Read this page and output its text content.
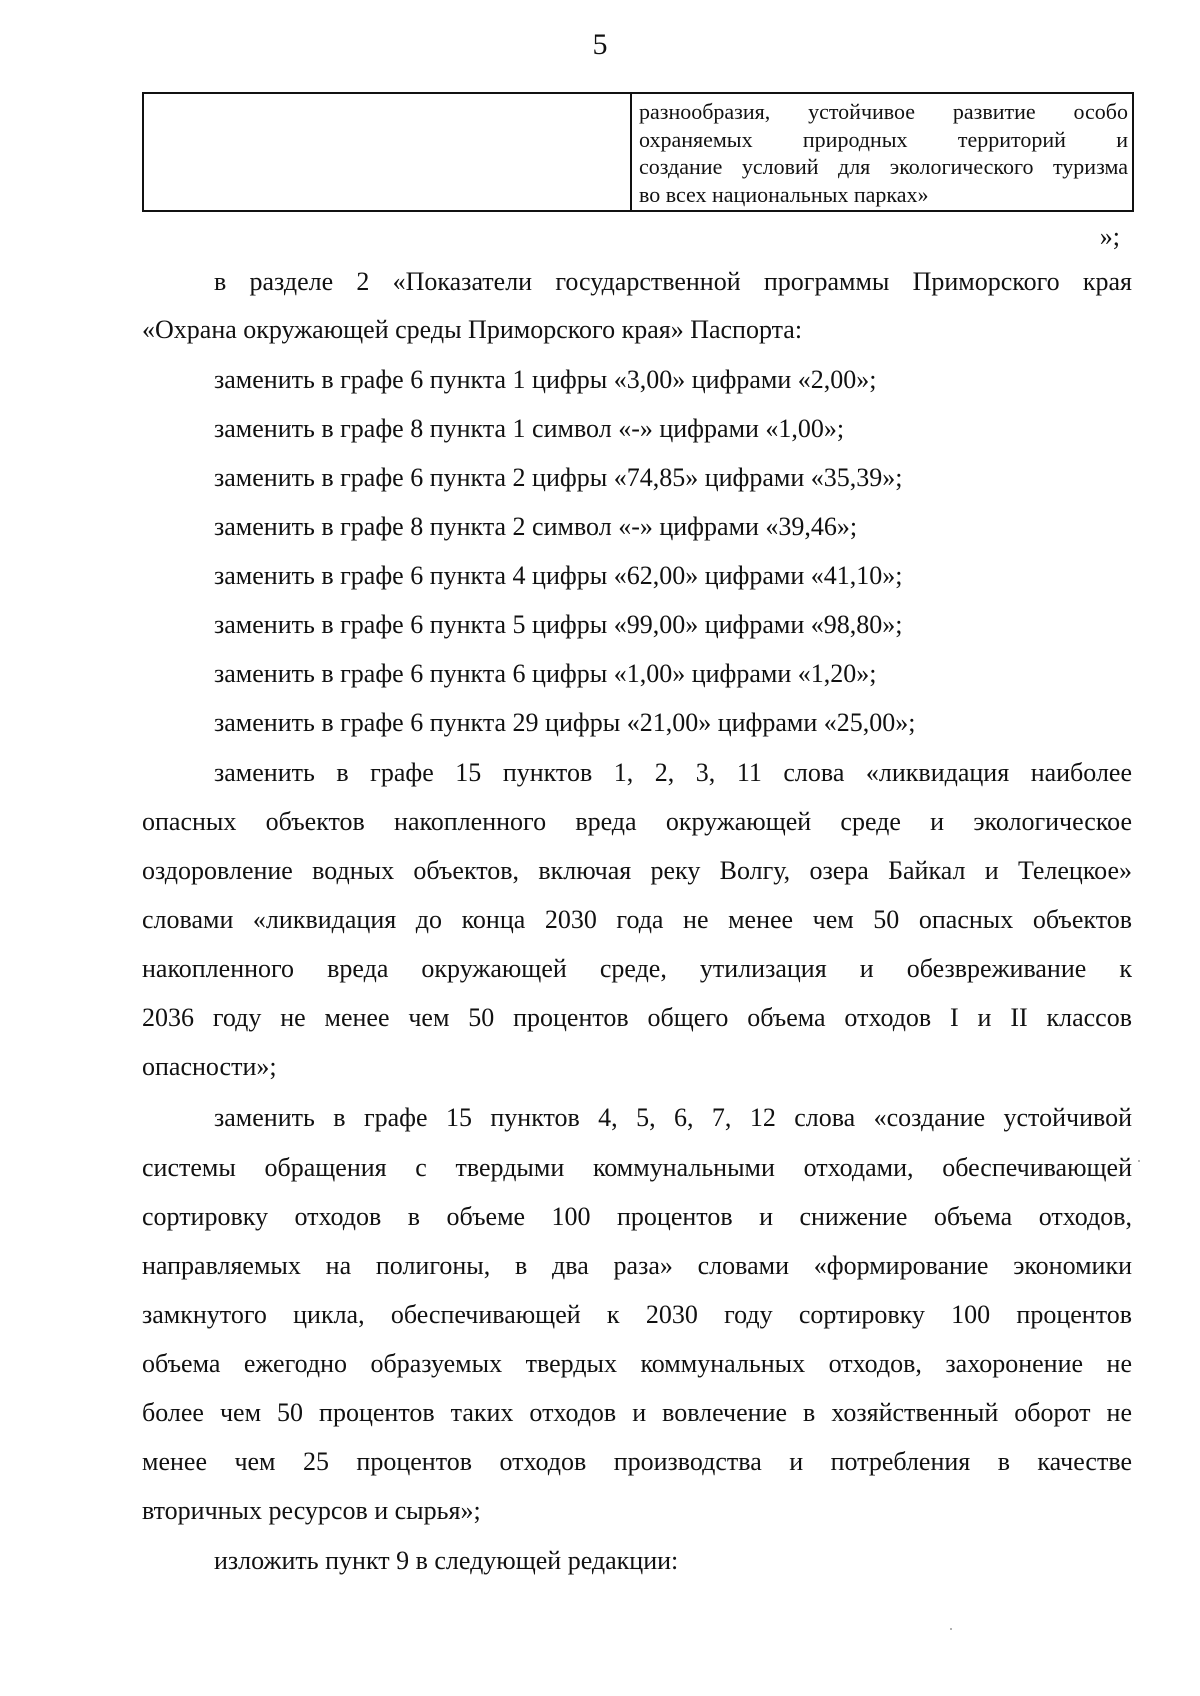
5
разнообразия, устойчивое развитие особо
охраняемых природных территорий и
создание условий для экологического туризма
во всех национальных парках»
»;
в разделе 2 «Показатели государственной программы Приморского края
«Охрана окружающей среды Приморского края» Паспорта:
заменить в графе 6 пункта 1 цифры «3,00» цифрами «2,00»;
заменить в графе 8 пункта 1 символ «-» цифрами «1,00»;
заменить в графе 6 пункта 2 цифры «74,85» цифрами «35,39»;
заменить в графе 8 пункта 2 символ «-» цифрами «39,46»;
заменить в графе 6 пункта 4 цифры «62,00» цифрами «41,10»;
заменить в графе 6 пункта 5 цифры «99,00» цифрами «98,80»;
заменить в графе 6 пункта 6 цифры «1,00» цифрами «1,20»;
заменить в графе 6 пункта 29 цифры «21,00» цифрами «25,00»;
заменить в графе 15 пунктов 1, 2, 3, 11 слова «ликвидация наиболее
опасных объектов накопленного вреда окружающей среде и экологическое
оздоровление водных объектов, включая реку Волгу, озера Байкал и Телецкое»
словами «ликвидация до конца 2030 года не менее чем 50 опасных объектов
накопленного вреда окружающей среде, утилизация и обезвреживание к
2036 году не менее чем 50 процентов общего объема отходов I и II классов
опасности»;
заменить в графе 15 пунктов 4, 5, 6, 7, 12 слова «создание устойчивой
системы обращения с твердыми коммунальными отходами, обеспечивающей
сортировку отходов в объеме 100 процентов и снижение объема отходов,
направляемых на полигоны, в два раза» словами «формирование экономики
замкнутого цикла, обеспечивающей к 2030 году сортировку 100 процентов
объема ежегодно образуемых твердых коммунальных отходов, захоронение не
более чем 50 процентов таких отходов и вовлечение в хозяйственный оборот не
менее чем 25 процентов отходов производства и потребления в качестве
вторичных ресурсов и сырья»;
изложить пункт 9 в следующей редакции:
